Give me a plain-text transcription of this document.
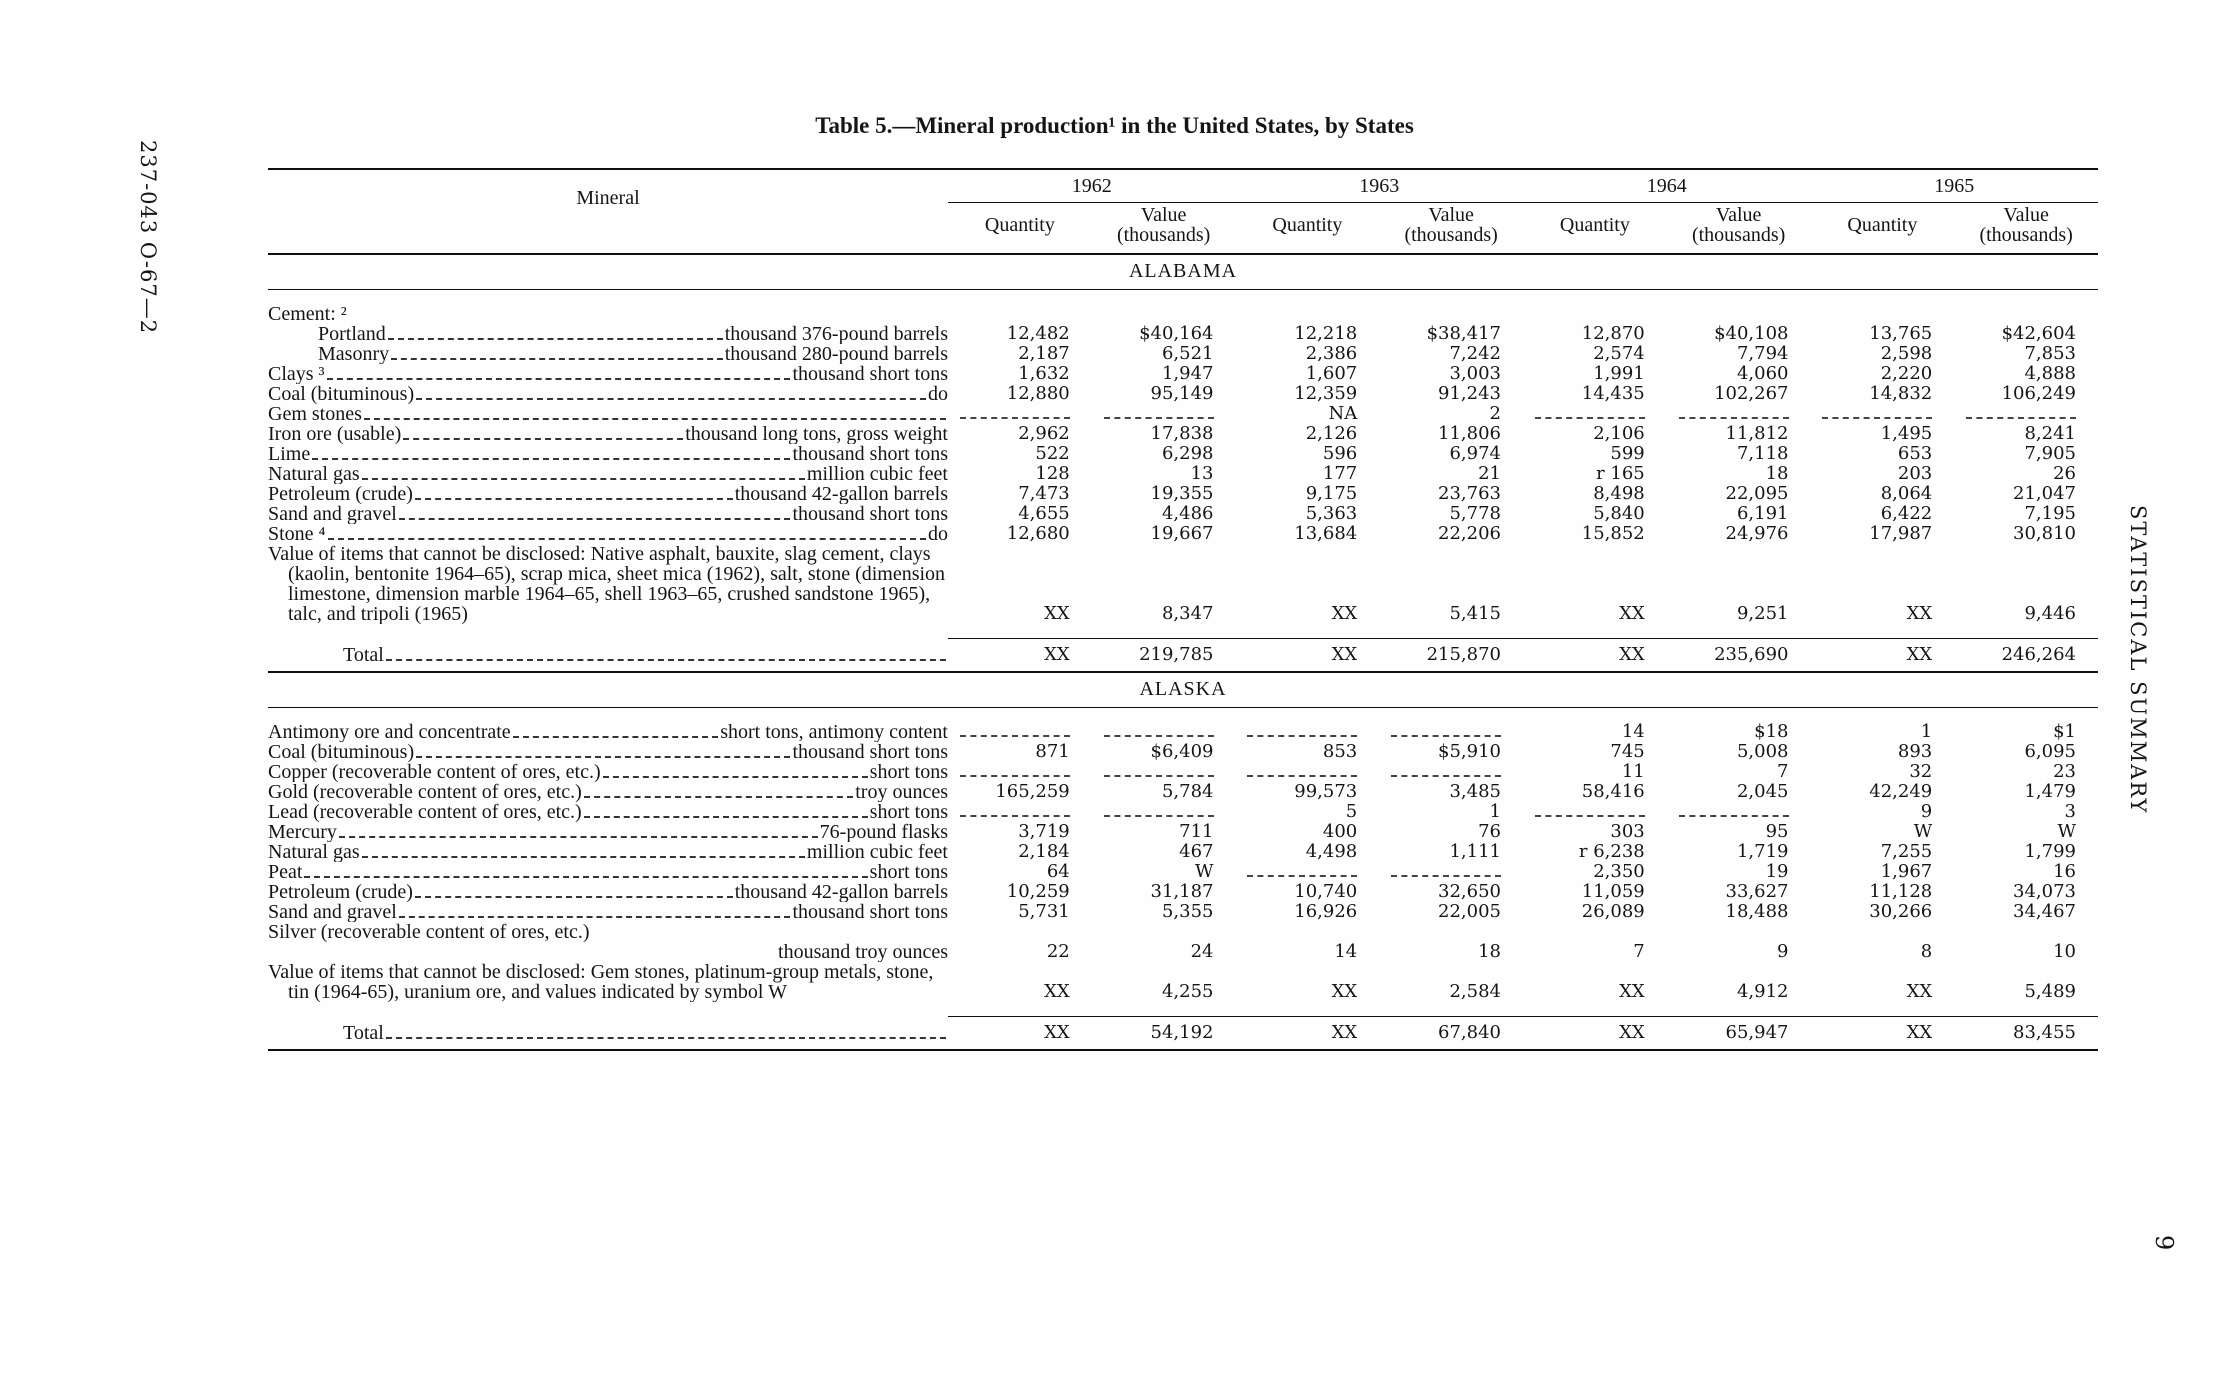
237-043 O-67—2
STATISTICAL SUMMARY
9
Table 5.—Mineral production¹ in the United States, by States
Mineral	1962		1963		1964		1965	
	Quantity	Value (thousands)	Quantity	Value (thousands)	Quantity	Value (thousands)	Quantity	Value (thousands)
ALABAMA								

Cement: ²								

Portland thousand 376-pound barrels	12,482	$40,164	12,218	$38,417	12,870	$40,108	13,765	$42,604

Masonry thousand 280-pound barrels	2,187	6,521	2,386	7,242	2,574	7,794	2,598	7,853

Clays ³ thousand short tons	1,632	1,947	1,607	3,003	1,991	4,060	2,220	4,888

Coal (bituminous) do	12,880	95,149	12,359	91,243	14,435	102,267	14,832	106,249

Gem stones			NA	2				

Iron ore (usable) thousand long tons, gross weight	2,962	17,838	2,126	11,806	2,106	11,812	1,495	8,241

Lime thousand short tons	522	6,298	596	6,974	599	7,118	653	7,905

Natural gas million cubic feet	128	13	177	21	r 165	18	203	26

Petroleum (crude) thousand 42-gallon barrels	7,473	19,355	9,175	23,763	8,498	22,095	8,064	21,047

Sand and gravel thousand short tons	4,655	4,486	5,363	5,778	5,840	6,191	6,422	7,195

Stone ⁴ do	12,680	19,667	13,684	22,206	15,852	24,976	17,987	30,810

Value of items that cannot be disclosed: Native asphalt, bauxite, slag cement, clays (kaolin, bentonite 1964–65), scrap mica, sheet mica (1962), salt, stone (dimension limestone, dimension marble 1964–65, shell 1963–65, crushed sandstone 1965), talc, and tripoli (1965)	XX	8,347	XX	5,415	XX	9,251	XX	9,446

Total	XX	219,785	XX	215,870	XX	235,690	XX	246,264
ALASKA								

Antimony ore and concentrate short tons, antimony content					14	$18	1	$1

Coal (bituminous) thousand short tons	871	$6,409	853	$5,910	745	5,008	893	6,095

Copper (recoverable content of ores, etc.) short tons					11	7	32	23

Gold (recoverable content of ores, etc.) troy ounces	165,259	5,784	99,573	3,485	58,416	2,045	42,249	1,479

Lead (recoverable content of ores, etc.) short tons			5	1			9	3

Mercury 76-pound flasks	3,719	711	400	76	303	95	W	W

Natural gas million cubic feet	2,184	467	4,498	1,111	r 6,238	1,719	7,255	1,799

Peat short tons	64	W			2,350	19	1,967	16

Petroleum (crude) thousand 42-gallon barrels	10,259	31,187	10,740	32,650	11,059	33,627	11,128	34,073

Sand and gravel thousand short tons	5,731	5,355	16,926	22,005	26,089	18,488	30,266	34,467
Silver (recoverable content of ores, etc.)								

thousand troy ounces	22	24	14	18	7	9	8	10

Value of items that cannot be disclosed: Gem stones, platinum-group metals, stone, tin (1964-65), uranium ore, and values indicated by symbol W	XX	4,255	XX	2,584	XX	4,912	XX	5,489

Total	XX	54,192	XX	67,840	XX	65,947	XX	83,455
